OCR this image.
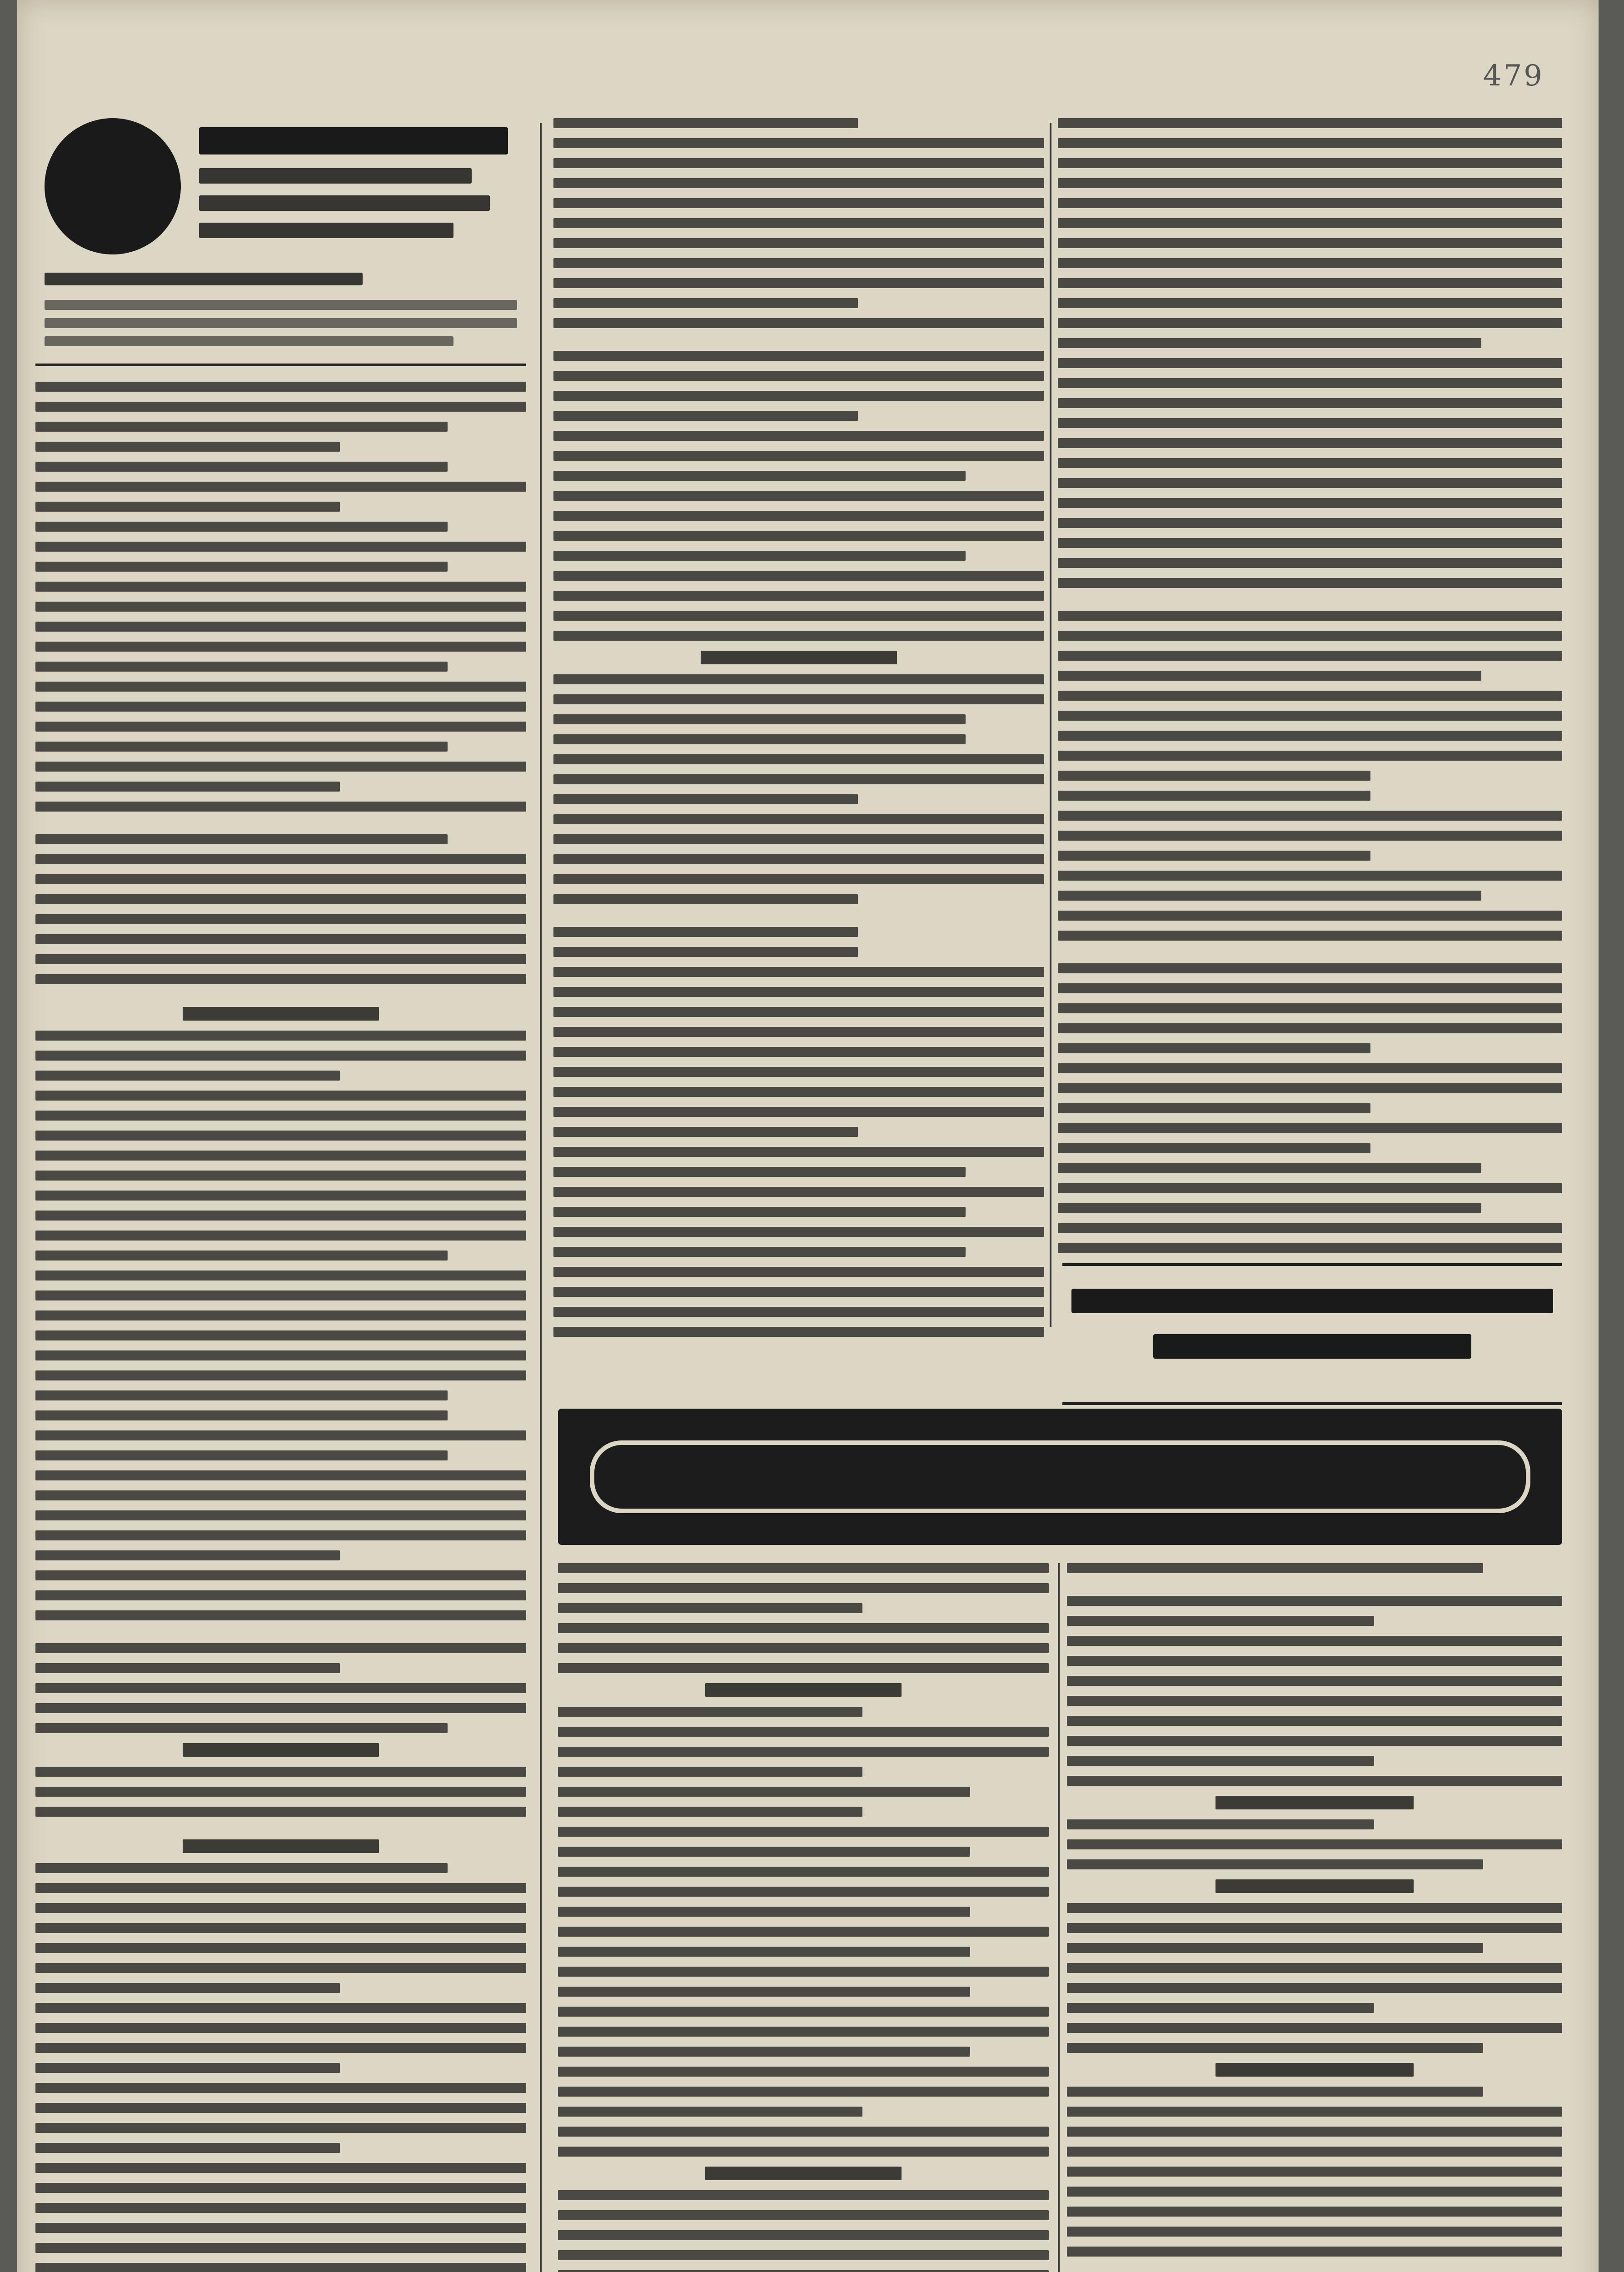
479
